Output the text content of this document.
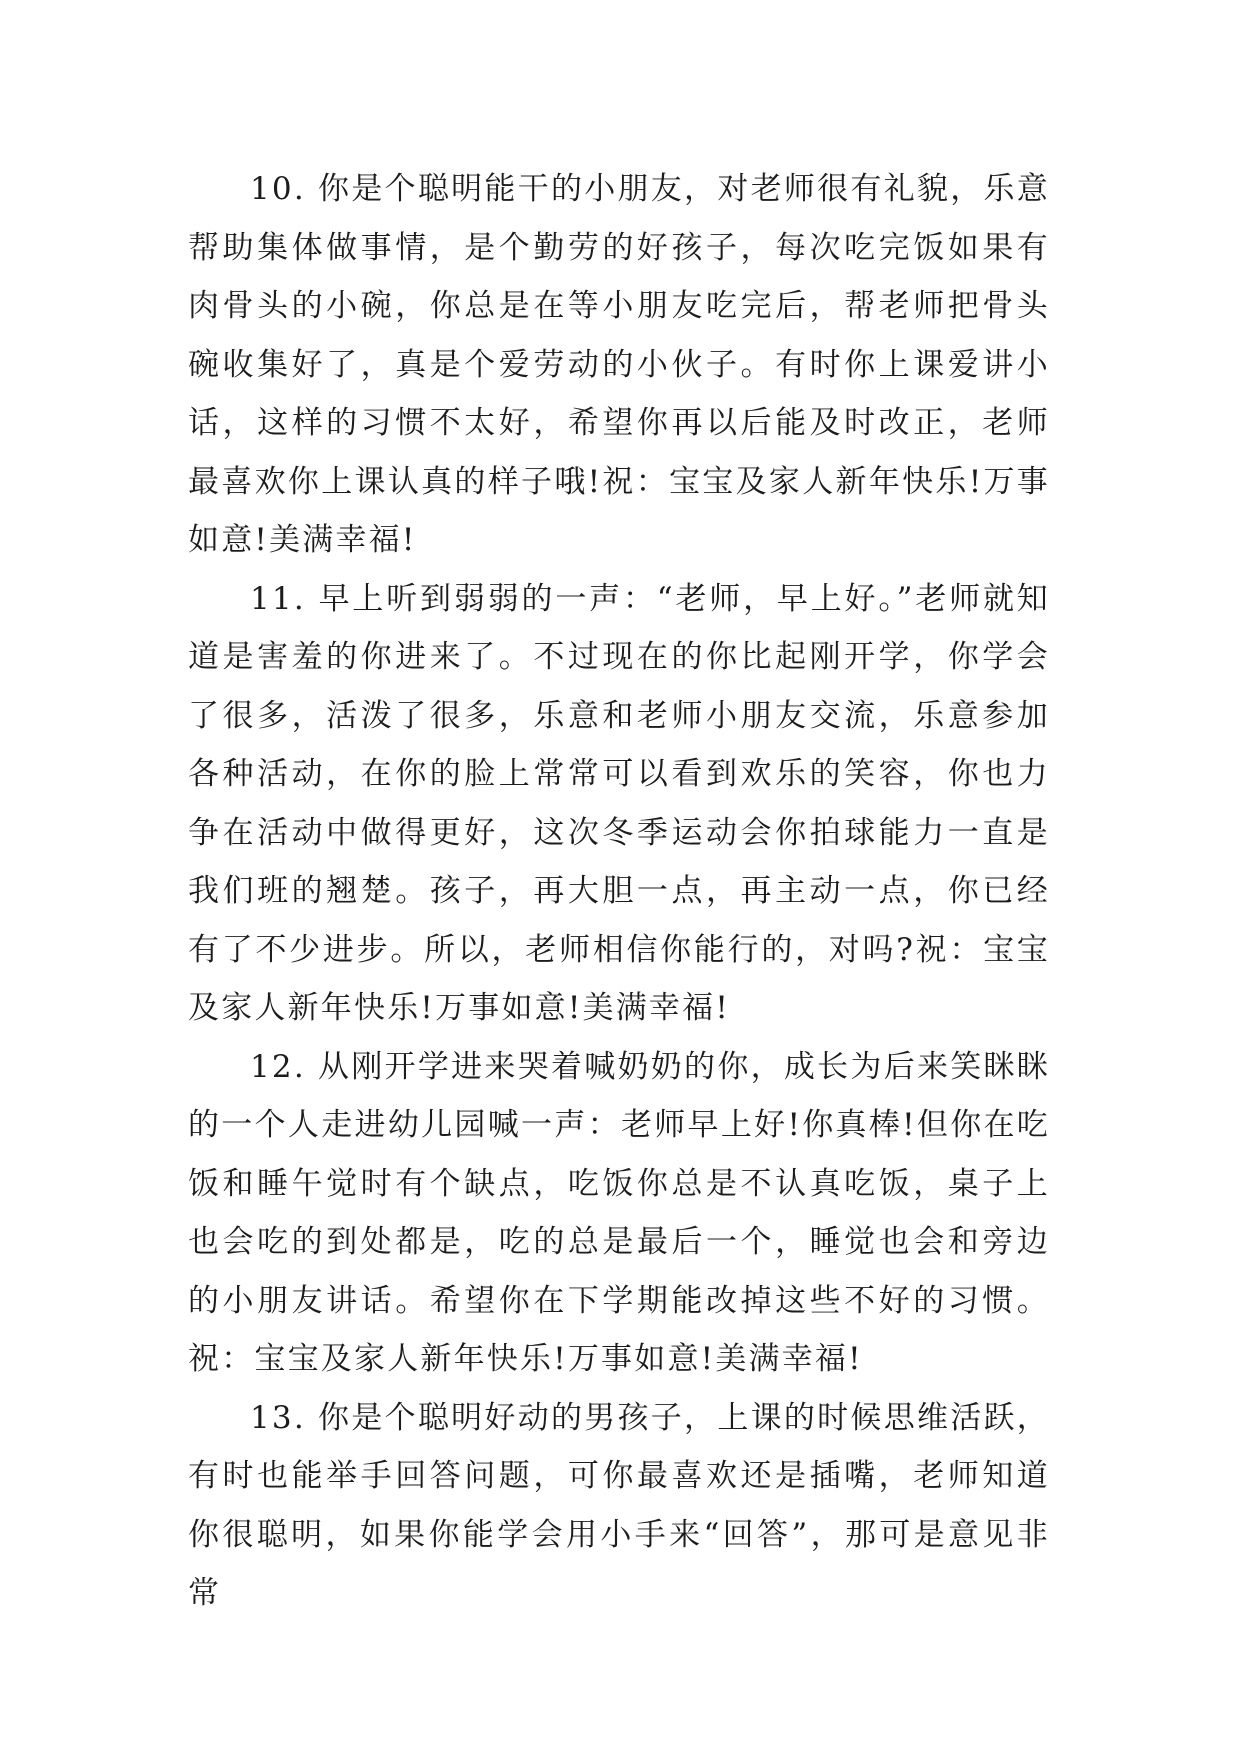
10. 你是个聪明能干的小朋友，对老师很有礼貌，乐意帮助集体做事情，是个勤劳的好孩子，每次吃完饭如果有肉骨头的小碗，你总是在等小朋友吃完后，帮老师把骨头碗收集好了，真是个爱劳动的小伙子。有时你上课爱讲小话，这样的习惯不太好，希望你再以后能及时改正，老师最喜欢你上课认真的样子哦!祝：宝宝及家人新年快乐!万事如意!美满幸福!

11. 早上听到弱弱的一声：“老师，早上好。”老师就知道是害羞的你进来了。不过现在的你比起刚开学，你学会了很多，活泼了很多，乐意和老师小朋友交流，乐意参加各种活动，在你的脸上常常可以看到欢乐的笑容，你也力争在活动中做得更好，这次冬季运动会你拍球能力一直是我们班的翘楚。孩子，再大胆一点，再主动一点，你已经有了不少进步。所以，老师相信你能行的，对吗?祝：宝宝及家人新年快乐!万事如意!美满幸福!

12. 从刚开学进来哭着喊奶奶的你，成长为后来笑眯眯的一个人走进幼儿园喊一声：老师早上好!你真棒!但你在吃饭和睡午觉时有个缺点，吃饭你总是不认真吃饭，桌子上也会吃的到处都是，吃的总是最后一个，睡觉也会和旁边的小朋友讲话。希望你在下学期能改掉这些不好的习惯。祝：宝宝及家人新年快乐!万事如意!美满幸福!

13. 你是个聪明好动的男孩子，上课的时候思维活跃，有时也能举手回答问题，可你最喜欢还是插嘴，老师知道你很聪明，如果你能学会用小手来“回答”，那可是意见非常
